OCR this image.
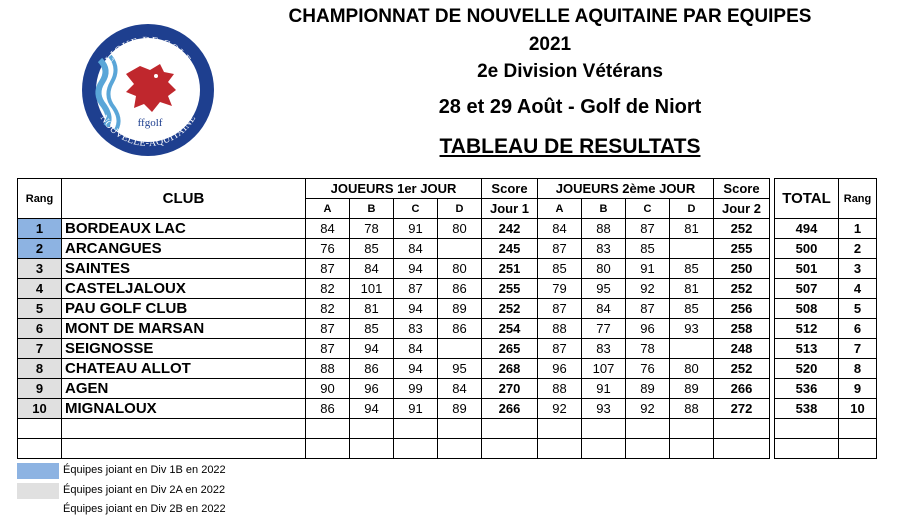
ffgolf
LIGUE DE GOLF
NOUVELLE-AQUITAINE
CHAMPIONNAT DE NOUVELLE AQUITAINE PAR EQUIPES
2021
2e Division Vétérans
28 et 29 Août - Golf de Niort
TABLEAU DE RESULTATS
Rang	CLUB	JOUEURS 1er JOUR				Score	JOUEURS 2ème JOUR				Score		TOTAL	Rang
		A	B	C	D	Jour 1	A	B	C	D	Jour 2			
1	BORDEAUX LAC	84	78	91	80	242	84	88	87	81	252		494	1
2	ARCANGUES	76	85	84		245	87	83	85		255		500	2
3	SAINTES	87	84	94	80	251	85	80	91	85	250		501	3
4	CASTELJALOUX	82	101	87	86	255	79	95	92	81	252		507	4
5	PAU GOLF CLUB	82	81	94	89	252	87	84	87	85	256		508	5
6	MONT DE MARSAN	87	85	83	86	254	88	77	96	93	258		512	6
7	SEIGNOSSE	87	94	84		265	87	83	78		248		513	7
8	CHATEAU ALLOT	88	86	94	95	268	96	107	76	80	252		520	8
9	AGEN	90	96	99	84	270	88	91	89	89	266		536	9
10	MIGNALOUX	86	94	91	89	266	92	93	92	88	272		538	10

Équipes joiant en Div 1B en 2022
Équipes joiant en Div 2A en 2022
Équipes joiant en Div 2B en 2022
